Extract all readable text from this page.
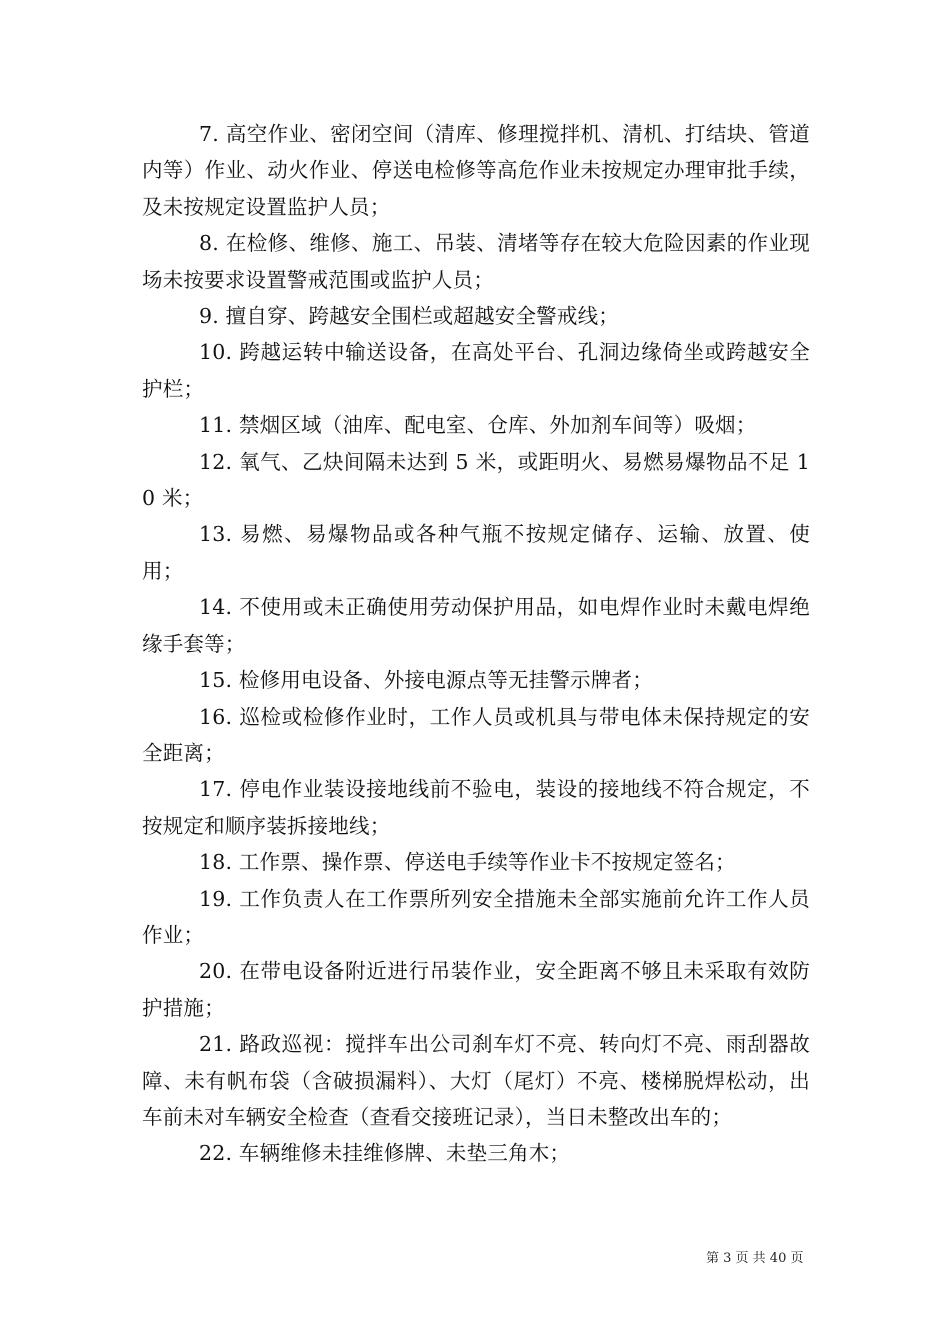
7. 高空作业、密闭空间（清库、修理搅拌机、清机、打结块、管道内等）作业、动火作业、停送电检修等高危作业未按规定办理审批手续，及未按规定设置监护人员；

8. 在检修、维修、施工、吊装、清堵等存在较大危险因素的作业现场未按要求设置警戒范围或监护人员；

9. 擅自穿、跨越安全围栏或超越安全警戒线；

10. 跨越运转中输送设备，在高处平台、孔洞边缘倚坐或跨越安全护栏；

11. 禁烟区域（油库、配电室、仓库、外加剂车间等）吸烟；

12. 氧气、乙炔间隔未达到 5 米，或距明火、易燃易爆物品不足 10 米；

13. 易燃、易爆物品或各种气瓶不按规定储存、运输、放置、使用；

14. 不使用或未正确使用劳动保护用品，如电焊作业时未戴电焊绝缘手套等；

15. 检修用电设备、外接电源点等无挂警示牌者；

16. 巡检或检修作业时，工作人员或机具与带电体未保持规定的安全距离；

17. 停电作业装设接地线前不验电，装设的接地线不符合规定，不按规定和顺序装拆接地线；

18. 工作票、操作票、停送电手续等作业卡不按规定签名；

19. 工作负责人在工作票所列安全措施未全部实施前允许工作人员作业；

20. 在带电设备附近进行吊装作业，安全距离不够且未采取有效防护措施；

21. 路政巡视：搅拌车出公司刹车灯不亮、转向灯不亮、雨刮器故障、未有帆布袋（含破损漏料）、大灯（尾灯）不亮、楼梯脱焊松动，出车前未对车辆安全检查（查看交接班记录），当日未整改出车的；

22. 车辆维修未挂维修牌、未垫三角木；

第 3 页 共 40 页
